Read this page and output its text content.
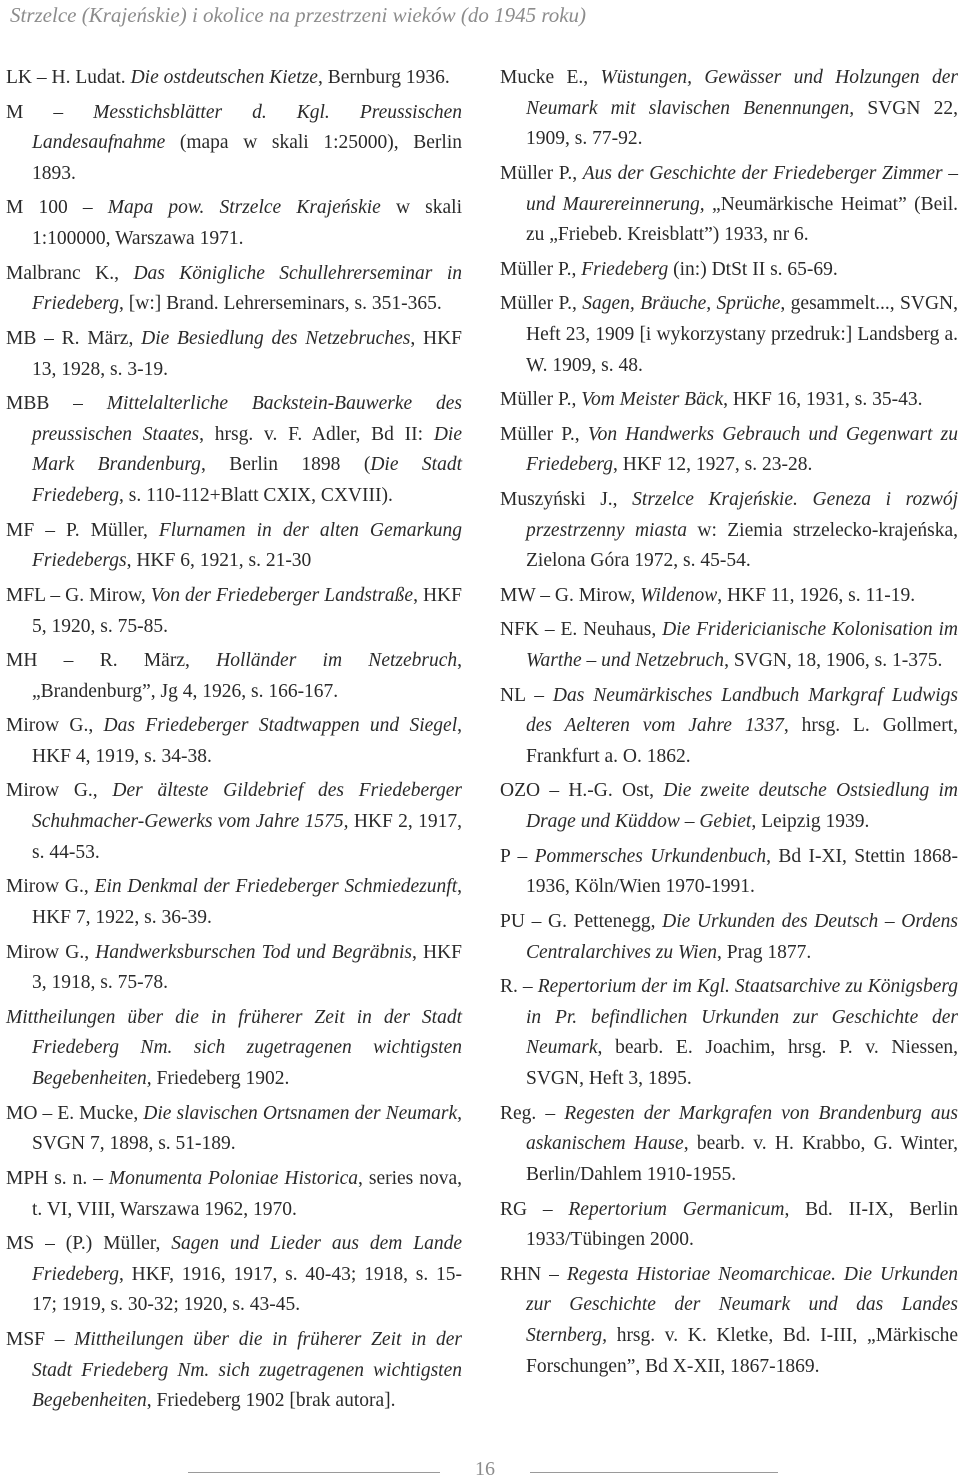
Strzelce (Krajeńskie) i okolice na przestrzeni wieków (do 1945 roku)

LK – H. Ludat. Die ostdeutschen Kietze, Bernburg 1936.

M – Messtichsblätter d. Kgl. Preussischen Landesaufnahme (mapa w skali 1:25000), Berlin 1893.

M 100 – Mapa pow. Strzelce Krajeńskie w skali 1:100000, Warszawa 1971.

Malbranc K., Das Königliche Schullehrerseminar in Friedeberg, [w:] Brand. Lehrerseminars, s. 351-365.

MB – R. März, Die Besiedlung des Netzebruches, HKF 13, 1928, s. 3-19.

MBB – Mittelalterliche Backstein-Bauwerke des preussischen Staates, hrsg. v. F. Adler, Bd II: Die Mark Brandenburg, Berlin 1898 (Die Stadt Friedeberg, s. 110-112+Blatt CXIX, CXVIII).

MF – P. Müller, Flurnamen in der alten Gemarkung Friedebergs, HKF 6, 1921, s. 21-30

MFL – G. Mirow, Von der Friedeberger Landstraße, HKF 5, 1920, s. 75-85.

MH – R. März, Holländer im Netzebruch, „Brandenburg”, Jg 4, 1926, s. 166-167.

Mirow G., Das Friedeberger Stadtwappen und Siegel, HKF 4, 1919, s. 34-38.

Mirow G., Der älteste Gildebrief des Friedeberger Schuhmacher-Gewerks vom Jahre 1575, HKF 2, 1917, s. 44-53.

Mirow G., Ein Denkmal der Friedeberger Schmiedezunft, HKF 7, 1922, s. 36-39.

Mirow G., Handwerksburschen Tod und Begräbnis, HKF 3, 1918, s. 75-78.

Mittheilungen über die in früherer Zeit in der Stadt Friedeberg Nm. sich zugetragenen wichtigsten Begebenheiten, Friedeberg 1902.

MO – E. Mucke, Die slavischen Ortsnamen der Neumark, SVGN 7, 1898, s. 51-189.

MPH s. n. – Monumenta Poloniae Historica, series nova, t. VI, VIII, Warszawa 1962, 1970.

MS – (P.) Müller, Sagen und Lieder aus dem Lande Friedeberg, HKF, 1916, 1917, s. 40-43; 1918, s. 15-17; 1919, s. 30-32; 1920, s. 43-45.

MSF – Mittheilungen über die in früherer Zeit in der Stadt Friedeberg Nm. sich zugetragenen wichtigsten Begebenheiten, Friedeberg 1902 [brak autora].

Mucke E., Wüstungen, Gewässer und Holzungen der Neumark mit slavischen Benennungen, SVGN 22, 1909, s. 77-92.

Müller P., Aus der Geschichte der Friedeberger Zimmer – und Maurereinnerung, „Neumärkische Heimat” (Beil. zu „Friebeb. Kreisblatt”) 1933, nr 6.

Müller P., Friedeberg (in:) DtSt II s. 65-69.

Müller P., Sagen, Bräuche, Sprüche, gesammelt..., SVGN, Heft 23, 1909 [i wykorzystany przedruk:] Landsberg a. W. 1909, s. 48.

Müller P., Vom Meister Bäck, HKF 16, 1931, s. 35-43.

Müller P., Von Handwerks Gebrauch und Gegenwart zu Friedeberg, HKF 12, 1927, s. 23-28.

Muszyński J., Strzelce Krajeńskie. Geneza i rozwój przestrzenny miasta w: Ziemia strzelecko-krajeńska, Zielona Góra 1972, s. 45-54.

MW – G. Mirow, Wildenow, HKF 11, 1926, s. 11-19.

NFK – E. Neuhaus, Die Fridericianische Kolonisation im Warthe – und Netzebruch, SVGN, 18, 1906, s. 1-375.

NL – Das Neumärkisches Landbuch Markgraf Ludwigs des Aelteren vom Jahre 1337, hrsg. L. Gollmert, Frankfurt a. O. 1862.

OZO – H.-G. Ost, Die zweite deutsche Ostsiedlung im Drage und Küddow – Gebiet, Leipzig 1939.

P – Pommersches Urkundenbuch, Bd I-XI, Stettin 1868-1936, Köln/Wien 1970-1991.

PU – G. Pettenegg, Die Urkunden des Deutsch – Ordens Centralarchives zu Wien, Prag 1877.

R. – Repertorium der im Kgl. Staatsarchive zu Königsberg in Pr. befindlichen Urkunden zur Geschichte der Neumark, bearb. E. Joachim, hrsg. P. v. Niessen, SVGN, Heft 3, 1895.

Reg. – Regesten der Markgrafen von Brandenburg aus askanischem Hause, bearb. v. H. Krabbo, G. Winter, Berlin/Dahlem 1910-1955.

RG – Repertorium Germanicum, Bd. II-IX, Berlin 1933/Tübingen 2000.

RHN – Regesta Historiae Neomarchicae. Die Urkunden zur Geschichte der Neumark und das Landes Sternberg, hrsg. v. K. Kletke, Bd. I-III, „Märkische Forschungen”, Bd X-XII, 1867-1869.

16
